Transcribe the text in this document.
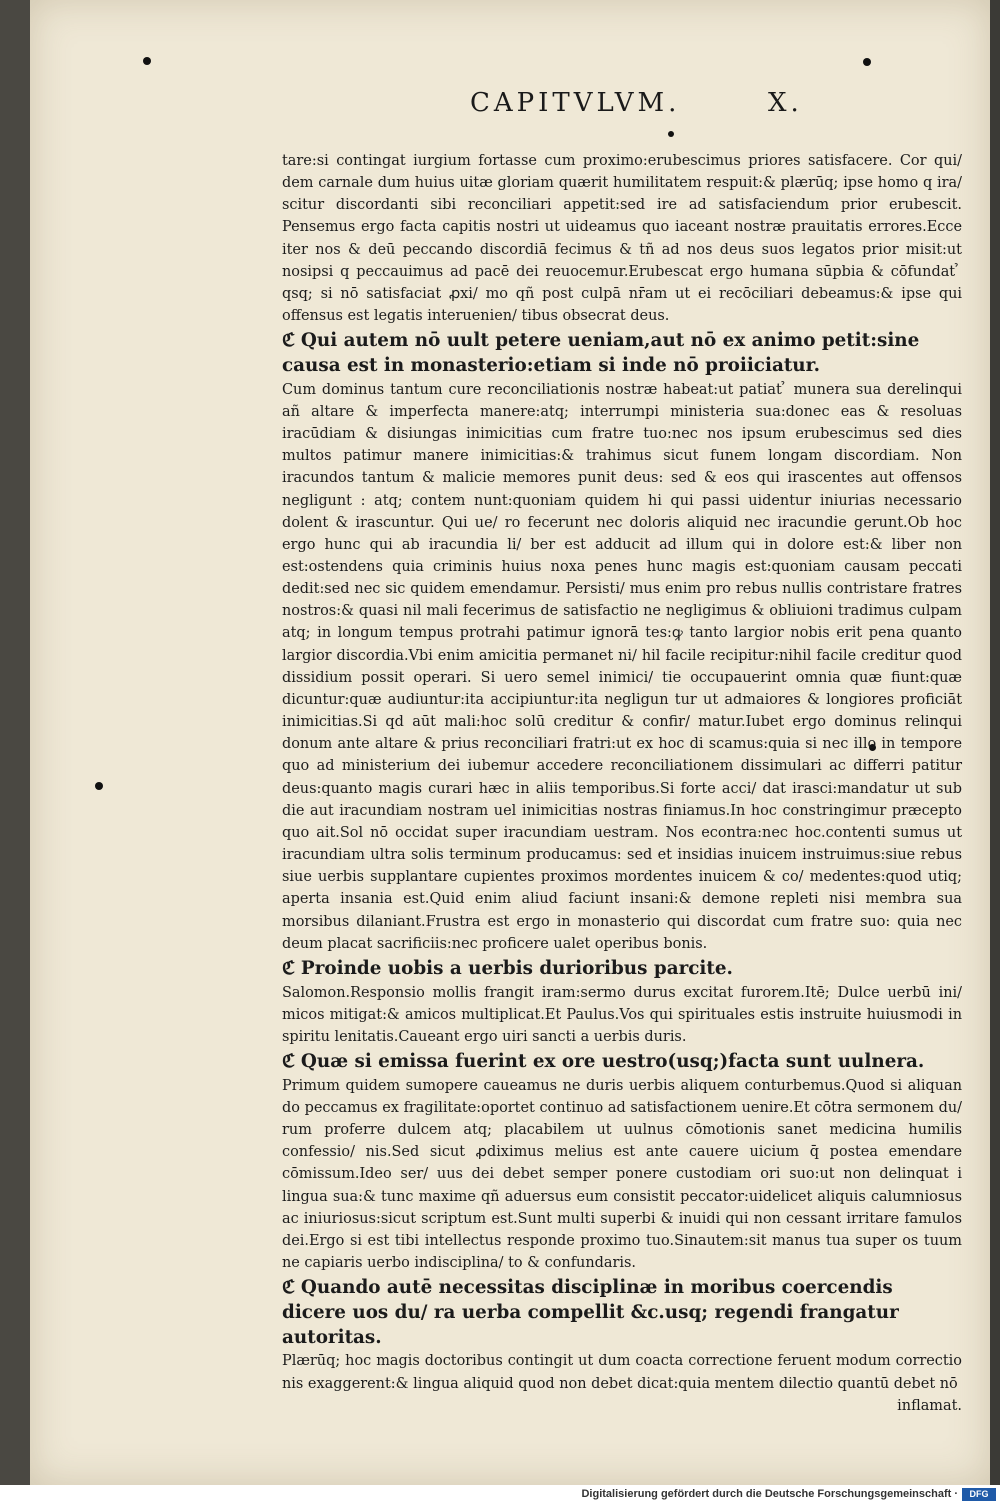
CAPITVLVM.	X.

tare:si contingat iurgium fortasse cum proximo:erubescimus priores satisfacere. Cor qui/ dem carnale dum huius uitæ gloriam quærit humilitatem respuit:& plærūq; ipse homo q ira/ scitur discordanti sibi reconciliari appetit:sed ire ad satisfaciendum prior erubescit. Pensemus ergo facta capitis nostri ut uideamus quo iaceant nostræ prauitatis errores.Ecce iter nos & deū peccando discordiā fecimus & tñ ad nos deus suos legatos prior misit:ut nosipsi q peccauimus ad pacē dei reuocemur.Erubescat ergo humana sūpbia & cōfundat ̉ qsq; si nō satisfaciat ꝓxi/ mo qñ post culpā nr̄am ut ei recōciliari debeamus:& ipse qui offensus est legatis interuenien/ tibus obsecrat deus.

ℭ Qui autem nō uult petere ueniam,aut nō ex animo petit:sine causa est in monasterio:etiam si inde nō proiiciatur.

Cum dominus tantum cure reconciliationis nostræ habeat:ut patiat ̉ munera sua derelinqui añ altare & imperfecta manere:atq; interrumpi ministeria sua:donec eas & resoluas iracūdiam & disiungas inimicitias cum fratre tuo:nec nos ipsum erubescimus sed dies multos patimur manere inimicitias:& trahimus sicut funem longam discordiam. Non iracundos tantum & malicie memores punit deus: sed & eos qui irascentes aut offensos negligunt : atq; contem nunt:quoniam quidem hi qui passi uidentur iniurias necessario dolent & irascuntur. Qui ue/ ro fecerunt nec doloris aliquid nec iracundie gerunt.Ob hoc ergo hunc qui ab iracundia li/ ber est adducit ad illum qui in dolore est:& liber non est:ostendens quia criminis huius noxa penes hunc magis est:quoniam causam peccati dedit:sed nec sic quidem emendamur. Persisti/ mus enim pro rebus nullis contristare fratres nostros:& quasi nil mali fecerimus de satisfactio ne negligimus & obliuioni tradimus culpam atq; in longum tempus protrahi patimur ignorā tes:ꝙ tanto largior nobis erit pena quanto largior discordia.Vbi enim amicitia permanet ni/ hil facile recipitur:nihil facile creditur quod dissidium possit operari. Si uero semel inimici/ tie occupauerint omnia quæ fiunt:quæ dicuntur:quæ audiuntur:ita accipiuntur:ita negligun tur ut admaiores & longiores proficiāt inimicitias.Si qd aūt mali:hoc solū creditur & confir/ matur.Iubet ergo dominus relinqui donum ante altare & prius reconciliari fratri:ut ex hoc di scamus:quia si nec illo in tempore quo ad ministerium dei iubemur accedere reconciliationem dissimulari ac differri patitur deus:quanto magis curari hæc in aliis temporibus.Si forte acci/ dat irasci:mandatur ut sub die aut iracundiam nostram uel inimicitias nostras finiamus.In hoc constringimur præcepto quo ait.Sol nō occidat super iracundiam uestram. Nos econtra:nec hoc.contenti sumus ut iracundiam ultra solis terminum producamus: sed et insidias inuicem instruimus:siue rebus siue uerbis supplantare cupientes proximos mordentes inuicem & co/ medentes:quod utiq; aperta insania est.Quid enim aliud faciunt insani:& demone repleti nisi membra sua morsibus dilaniant.Frustra est ergo in monasterio qui discordat cum fratre suo: quia nec deum placat sacrificiis:nec proficere ualet operibus bonis.

ℭ Proinde uobis a uerbis durioribus parcite.

Salomon.Responsio mollis frangit iram:sermo durus excitat furorem.Itē; Dulce uerbū ini/ micos mitigat:& amicos multiplicat.Et Paulus.Vos qui spirituales estis instruite huiusmodi in spiritu lenitatis.Caueant ergo uiri sancti a uerbis duris.

ℭ Quæ si emissa fuerint ex ore uestro(usq;)facta sunt uulnera.

Primum quidem sumopere caueamus ne duris uerbis aliquem conturbemus.Quod si aliquan do peccamus ex fragilitate:oportet continuo ad satisfactionem uenire.Et cōtra sermonem du/ rum proferre dulcem atq; placabilem ut uulnus cōmotionis sanet medicina humilis confessio/ nis.Sed sicut ꝓdiximus melius est ante cauere uicium q̄ postea emendare cōmissum.Ideo ser/ uus dei debet semper ponere custodiam ori suo:ut non delinquat i lingua sua:& tunc maxime qñ aduersus eum consistit peccator:uidelicet aliquis calumniosus ac iniuriosus:sicut scriptum est.Sunt multi superbi & inuidi qui non cessant irritare famulos dei.Ergo si est tibi intellectus responde proximo tuo.Sinautem:sit manus tua super os tuum ne capiaris uerbo indisciplina/ to & confundaris.

ℭ Quando autē necessitas disciplinæ in moribus coercendis dicere uos du/ ra uerba compellit &c.usq; regendi frangatur autoritas.

Plærūq; hoc magis doctoribus contingit ut dum coacta correctione feruent modum correctio nis exaggerent:& lingua aliquid quod non debet dicat:quia mentem dilectio quantū debet nō

inflamat.

Digitalisierung gefördert durch die Deutsche Forschungsgemeinschaft ·	DFG
